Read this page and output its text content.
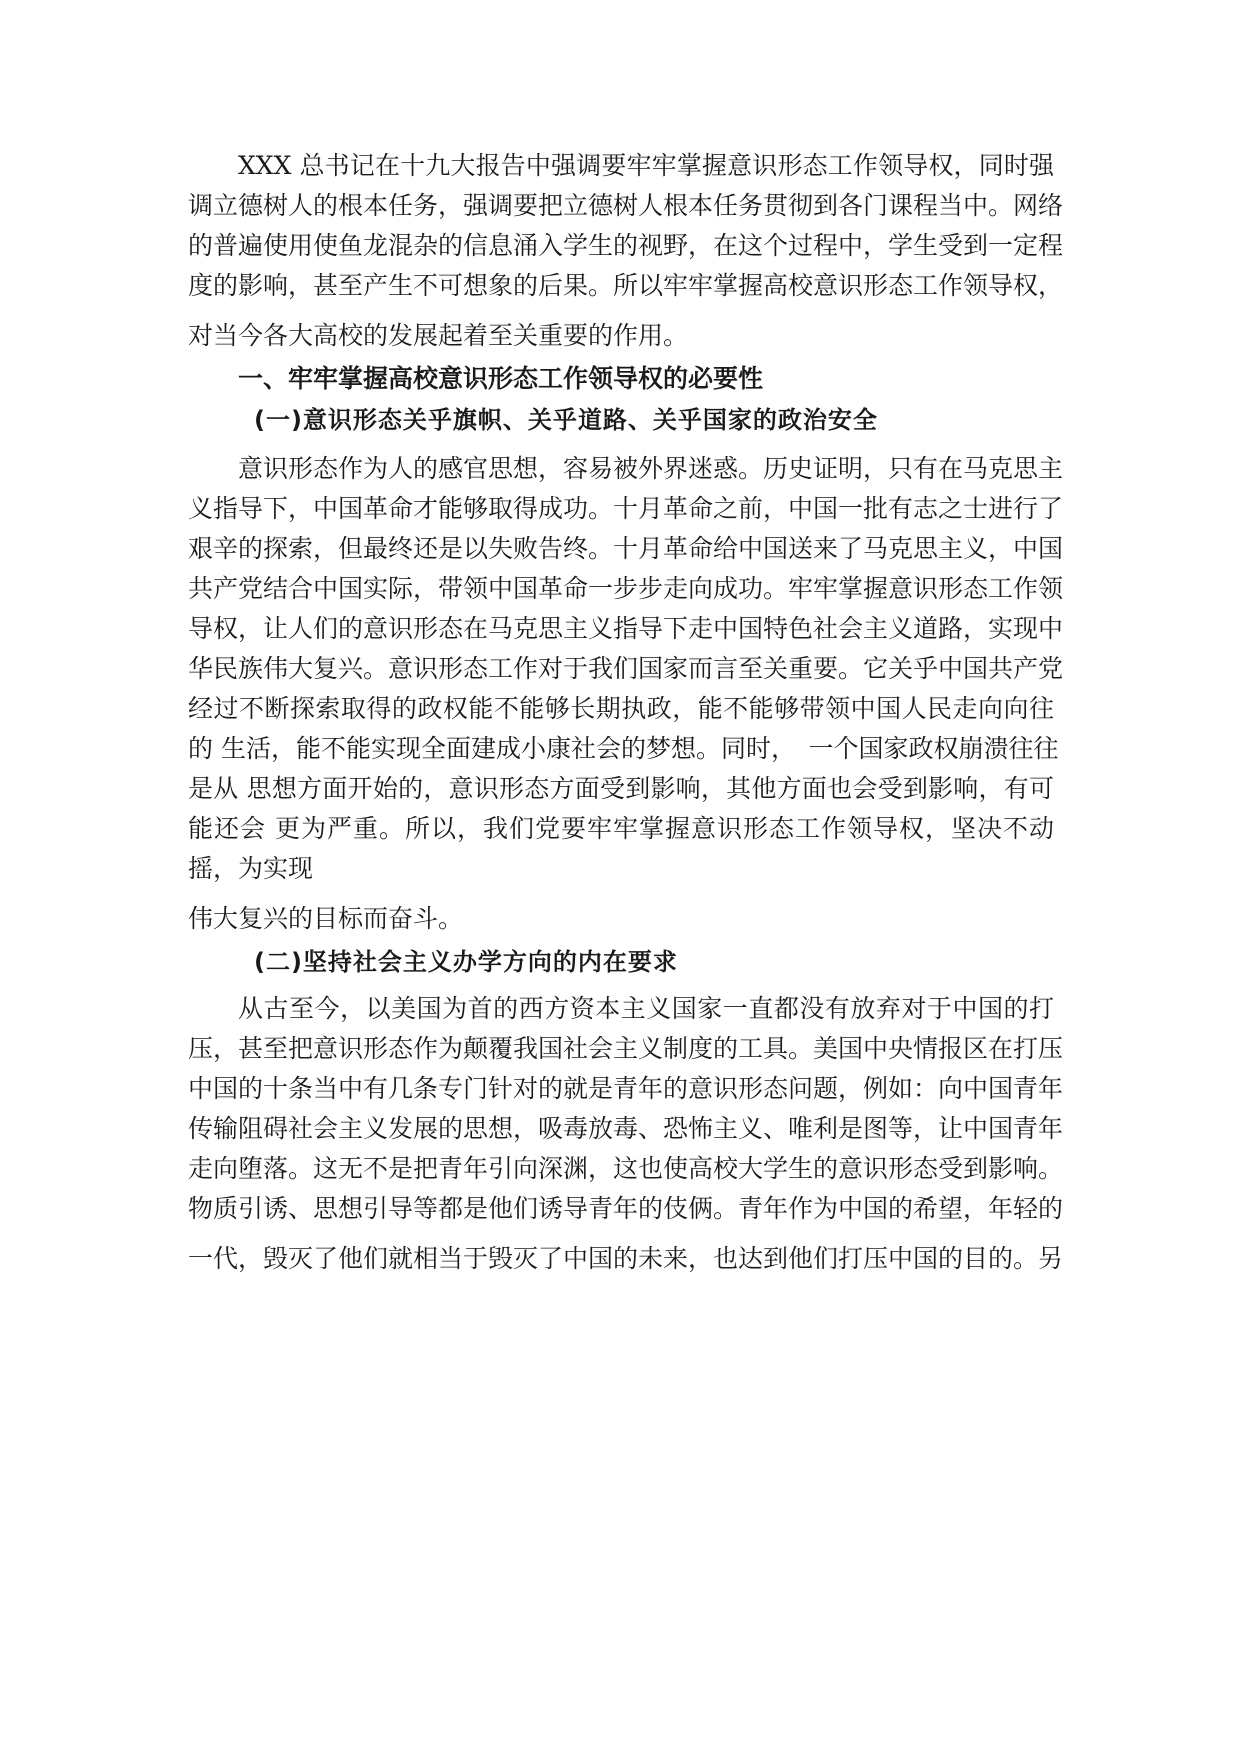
XXX 总书记在十九大报告中强调要牢牢掌握意识形态工作领导权，同时强
调立德树人的根本任务，强调要把立德树人根本任务贯彻到各门课程当中。网络
的普遍使用使鱼龙混杂的信息涌入学生的视野，在这个过程中，学生受到一定程
度的影响，甚至产生不可想象的后果。所以牢牢掌握高校意识形态工作领导权，
对当今各大高校的发展起着至关重要的作用。
一、牢牢掌握高校意识形态工作领导权的必要性
(一)意识形态关乎旗帜、关乎道路、关乎国家的政治安全
意识形态作为人的感官思想，容易被外界迷惑。历史证明，只有在马克思主
义指导下，中国革命才能够取得成功。十月革命之前，中国一批有志之士进行了
艰辛的探索，但最终还是以失败告终。十月革命给中国送来了马克思主义，中国
共产党结合中国实际，带领中国革命一步步走向成功。牢牢掌握意识形态工作领
导权，让人们的意识形态在马克思主义指导下走中国特色社会主义道路，实现中
华民族伟大复兴。意识形态工作对于我们国家而言至关重要。它关乎中国共产党
经过不断探索取得的政权能不能够长期执政，能不能够带领中国人民走向向往
的 生活，能不能实现全面建成小康社会的梦想。同时，　一个国家政权崩溃往往
是从 思想方面开始的，意识形态方面受到影响，其他方面也会受到影响，有可
能还会 更为严重。所以，我们党要牢牢掌握意识形态工作领导权，坚决不动
摇，为实现
伟大复兴的目标而奋斗。
(二)坚持社会主义办学方向的内在要求
从古至今，以美国为首的西方资本主义国家一直都没有放弃对于中国的打
压，甚至把意识形态作为颠覆我国社会主义制度的工具。美国中央情报区在打压
中国的十条当中有几条专门针对的就是青年的意识形态问题，例如：向中国青年
传输阻碍社会主义发展的思想，吸毒放毒、恐怖主义、唯利是图等，让中国青年
走向堕落。这无不是把青年引向深渊，这也使高校大学生的意识形态受到影响。
物质引诱、思想引导等都是他们诱导青年的伎俩。青年作为中国的希望，年轻的
一代，毁灭了他们就相当于毁灭了中国的未来，也达到他们打压中国的目的。另
